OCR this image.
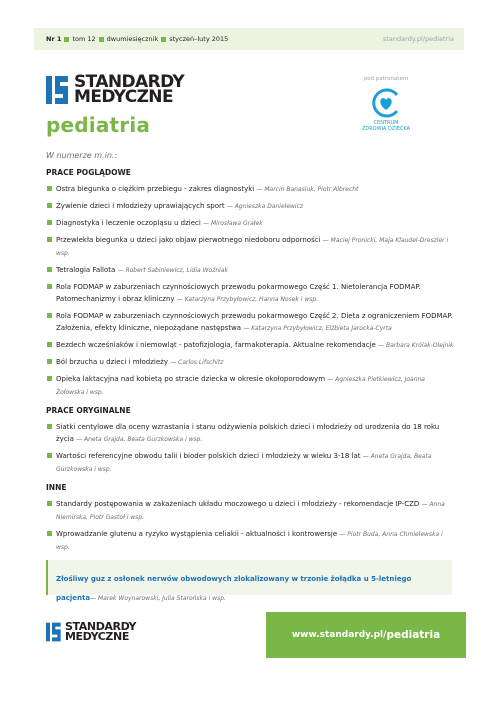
Nr 1 tom 12 dwumiesięcznik styczeń–luty 2015	standardy.pl/pediatria
STANDARDY
MEDYCZNE
pediatria
pod patronatem
CENTRUM
ZDROWIA DZIECKA
W numerze m.in.:
PRACE POGLĄDOWE
Ostra biegunka o ciężkim przebiegu - zakres diagnostyki — Marcin Banasiuk, Piotr Albrecht
Żywienie dzieci i młodzieży uprawiających sport — Agnieszka Danielewicz
Diagnostyka i leczenie oczopląsu u dzieci — Mirosława Grałek
Przewlekła biegunka u dzieci jako objaw pierwotnego niedoboru odporności — Maciej Pronicki, Maja Klaudel-Dreszler i wsp.
Tetralogia Fallota — Robert Sabiniewicz, Lidia Woźniak
Rola FODMAP w zaburzeniach czynnościowych przewodu pokarmowego Część 1. Nietolerancja FODMAP. Patomechanizmy i obraz kliniczny — Katarzyna Przybyłowicz, Hanna Nosek i wsp.
Rola FODMAP w zaburzeniach czynnościowych przewodu pokarmowego Część 2. Dieta z ograniczeniem FODMAP. Założenia, efekty kliniczne, niepożądane następstwa — Katarzyna Przybyłowicz, Elżbieta Jarocka-Cyrta
Bezdech wcześniaków i niemowląt - patofizjologia, farmakoterapia. Aktualne rekomendacje — Barbara Królak-Olejnik
Ból brzucha u dzieci i młodzieży — Carlos Lifschitz
Opieka laktacyjna nad kobietą po stracie dziecka w okresie okołoporodowym — Agnieszka Pietkiewicz, Joanna Żołowska i wsp.
PRACE ORYGINALNE
Siatki centylowe dla oceny wzrastania i stanu odżywienia polskich dzieci i młodzieży od urodzenia do 18 roku życia — Aneta Grajda, Beata Gurzkowska i wsp.
Wartości referencyjne obwodu talii i bioder polskich dzieci i młodzieży w wieku 3-18 lat — Aneta Grajda, Beata Gurzkowska i wsp.
INNE
Standardy postępowania w zakażeniach układu moczowego u dzieci i młodzieży - rekomendacje IP-CZD — Anna Niemirska, Piotr Gastoł i wsp.
Wprowadzanie glutenu a ryzyko wystąpienia celiakii - aktualności i kontrowersje — Piotr Buda, Anna Chmielewska i wsp.
Złośliwy guz z osłonek nerwów obwodowych zlokalizowany w trzonie żołądka u 5-letniego pacjenta— Marek Woynarowski, Julia Starońska i wsp.
STANDARDY
MEDYCZNE	www.standardy.pl/ pediatria
